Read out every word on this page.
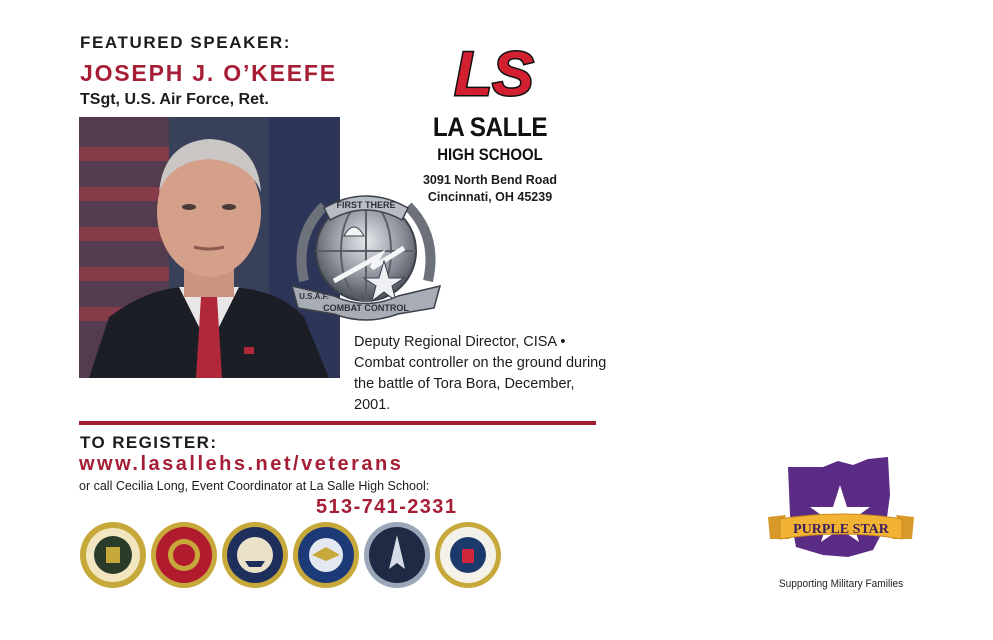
FEATURED SPEAKER:
JOSEPH J. O’KEEFE
TSgt, U.S. Air Force, Ret.
FIRST THERE
COMBAT CONTROL
U.S.A.F.
LS
LA SALLE
HIGH SCHOOL
3091 North Bend Road
Cincinnati, OH 45239
Deputy Regional Director, CISA • Combat controller on the ground during the battle of Tora Bora, December, 2001.
TO REGISTER:
www.lasallehs.net/veterans
or call Cecilia Long, Event Coordinator at La Salle High School:
513-741-2331
PURPLE STAR
Supporting Military Families
